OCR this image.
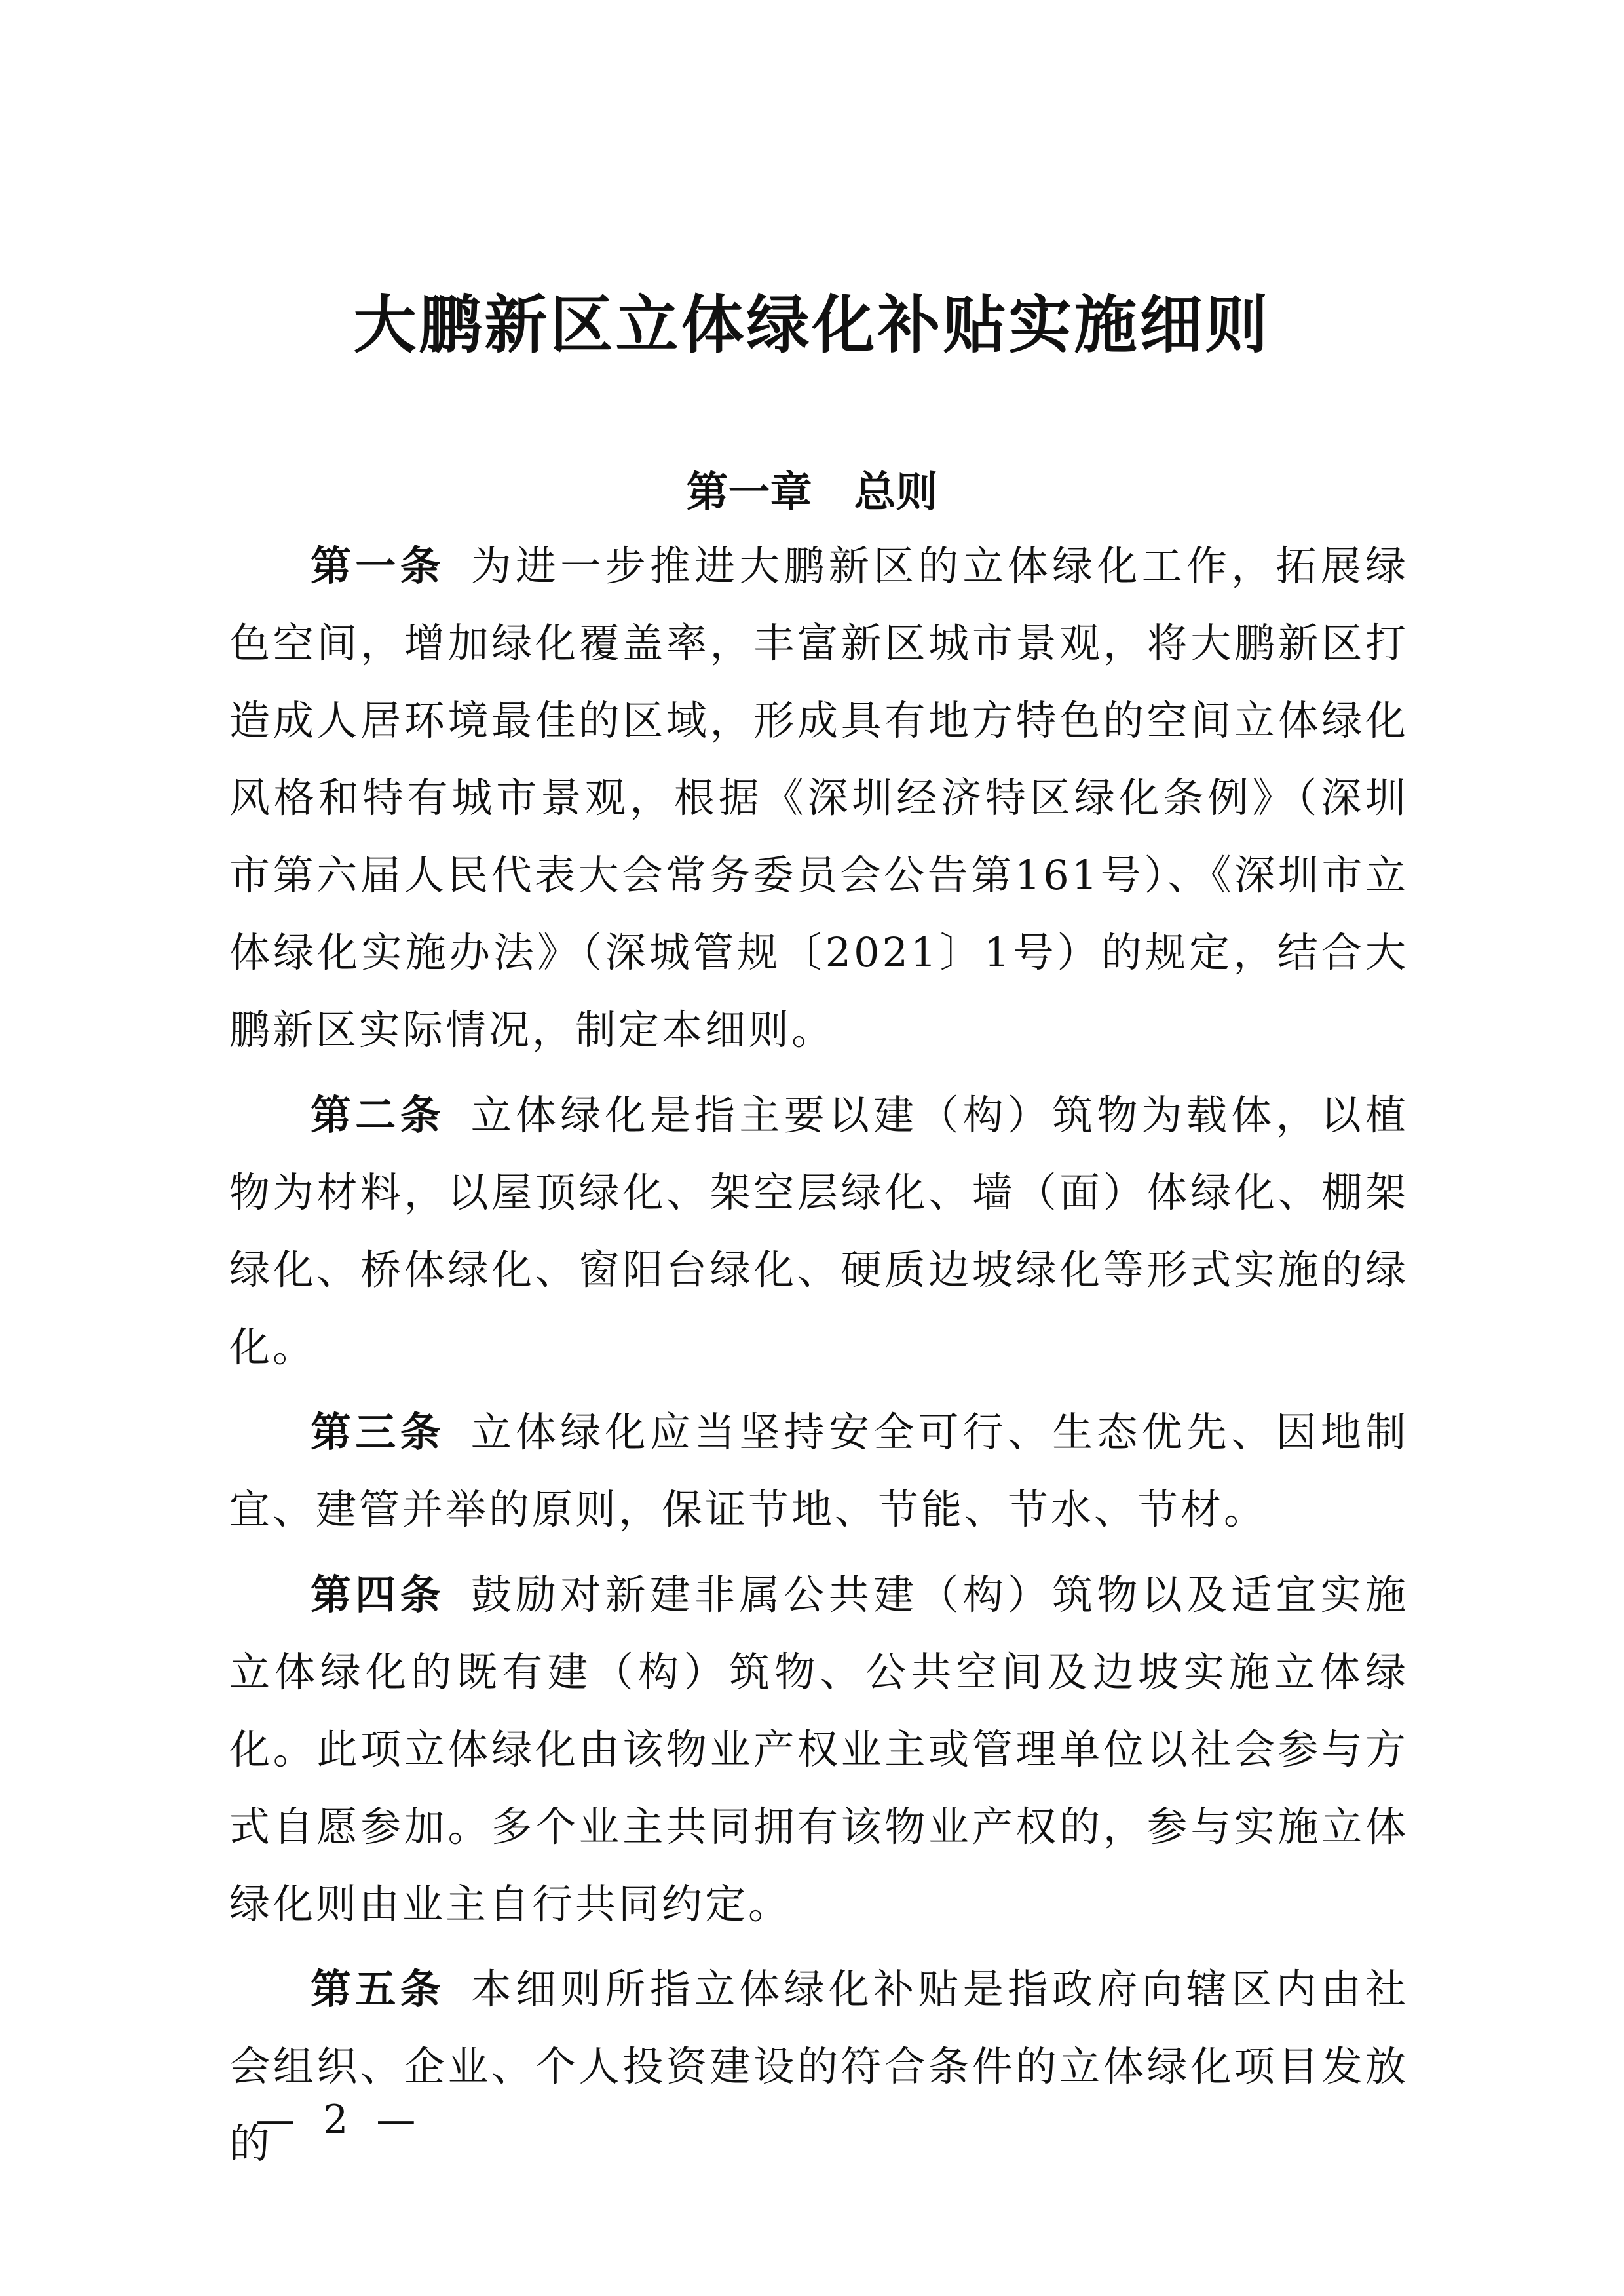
大鹏新区立体绿化补贴实施细则
第一章　总则

第一条 为进一步推进大鹏新区的立体绿化工作，拓展绿色空间，增加绿化覆盖率，丰富新区城市景观，将大鹏新区打造成人居环境最佳的区域，形成具有地方特色的空间立体绿化风格和特有城市景观，根据《深圳经济特区绿化条例》（深圳市第六届人民代表大会常务委员会公告第161号）、《深圳市立体绿化实施办法》（深城管规〔2021〕1号）的规定，结合大鹏新区实际情况，制定本细则。

第二条 立体绿化是指主要以建（构）筑物为载体，以植物为材料，以屋顶绿化、架空层绿化、墙（面）体绿化、棚架绿化、桥体绿化、窗阳台绿化、硬质边坡绿化等形式实施的绿化。

第三条 立体绿化应当坚持安全可行、生态优先、因地制宜、建管并举的原则，保证节地、节能、节水、节材。

第四条 鼓励对新建非属公共建（构）筑物以及适宜实施立体绿化的既有建（构）筑物、公共空间及边坡实施立体绿化。此项立体绿化由该物业产权业主或管理单位以社会参与方式自愿参加。多个业主共同拥有该物业产权的，参与实施立体绿化则由业主自行共同约定。

第五条 本细则所指立体绿化补贴是指政府向辖区内由社会组织、企业、个人投资建设的符合条件的立体绿化项目发放的

— 2 —
